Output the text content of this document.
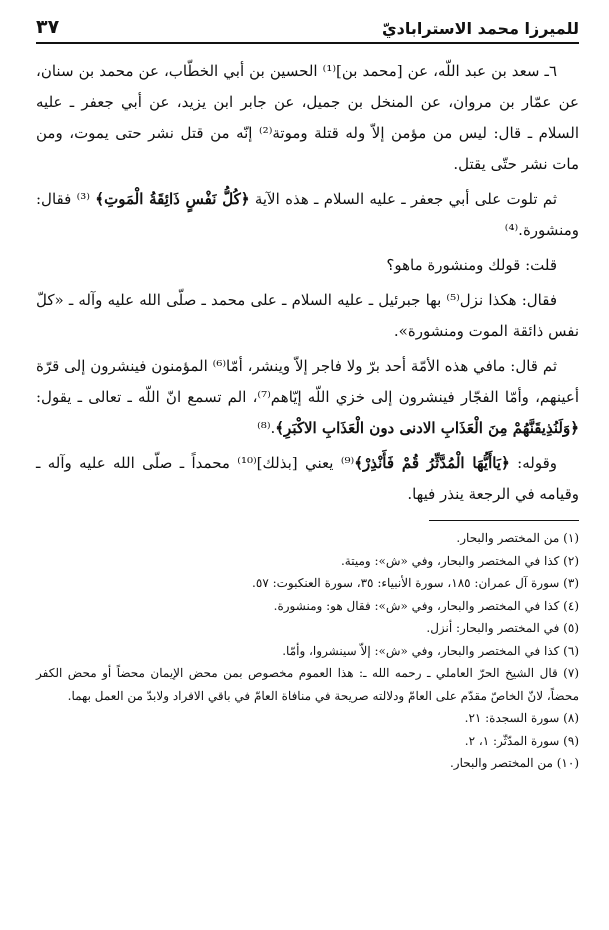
للميرزا محمد الاستراباديّ
٣٧

٦ـ سعد بن عبد اللّه، عن [محمد بن]⁽¹⁾ الحسين بن أبي الخطّاب، عن محمد بن سنان، عن عمّار بن مروان، عن المنخل بن جميل، عن جابر ابن يزيد، عن أبي جعفر ـ عليه السلام ـ قال: ليس من مؤمن إلاّ وله قتلة وموتة⁽²⁾ إنّه من قتل نشر حتى يموت، ومن مات نشر حتّى يقتل.

ثم تلوت على أبي جعفر ـ عليه السلام ـ هذه الآية ﴿كُلُّ نَفْسٍ ذَائِقَةُ الْمَوتِ﴾ ⁽³⁾ فقال: ومنشورة.⁽⁴⁾

قلت: قولك ومنشورة ماهو؟

فقال: هكذا نزل⁽⁵⁾ بها جبرئيل ـ عليه السلام ـ على محمد ـ صلّى الله عليه وآله ـ «كلّ نفس ذائقة الموت ومنشورة».

ثم قال: مافي هذه الأمّة أحد برّ ولا فاجر إلاّ وينشر، أمّا⁽⁶⁾ المؤمنون فينشرون إلى قرّة أعينهم، وأمّا الفجّار فينشرون إلى خزي اللّه إيّاهم⁽⁷⁾، الم تسمع انّ اللّه ـ تعالى ـ يقول: ﴿وَلَنُذِيقَنَّهُمْ مِنَ الْعَذَابِ الادنى دون الْعَذَابِ الاكْبَرِ﴾.⁽⁸⁾

وقوله: ﴿يَاأَيُّهَا الْمُدَّثِّرُ قُمْ فَأَنْذِرْ﴾⁽⁹⁾ يعني [بذلك]⁽¹⁰⁾ محمداً ـ صلّى الله عليه وآله ـ وقيامه في الرجعة ينذر فيها.

(١) من المختصر والبحار.

(٢) كذا في المختصر والبحار، وفي «ش»: وميتة.

(٣) سورة آل عمران: ١٨٥، سورة الأنبياء: ٣٥، سورة العنكبوت: ٥٧.

(٤) كذا في المختصر والبحار، وفي «ش»: فقال هو: ومنشورة.

(٥) في المختصر والبحار: أنزل.

(٦) كذا في المختصر والبحار، وفي «ش»: إلاّ سينشروا، وأمّا.

(٧) قال الشيخ الحرّ العاملي ـ رحمه الله ـ: هذا العموم مخصوص بمن محض الإيمان محضاً أو محض الكفر محضاً، لانّ الخاصّ مقدّم على العامّ ودلالته صريحة في منافاة العامّ في باقي الافراد ولابدّ من العمل بهما.

(٨) سورة السجدة: ٢١.

(٩) سورة المدّثّر: ١، ٢.

(١٠) من المختصر والبحار.
